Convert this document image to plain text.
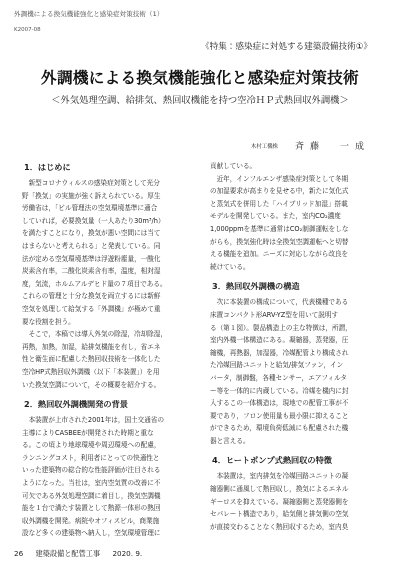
外調機による換気機能強化と感染症対策技術（1）
K2007-08
《特集：感染症に対処する建築設備技術①》
外調機による換気機能強化と感染症対策技術
＜外気処理空調、給排気、熱回収機能を持つ空冷ＨＰ式熱回収外調機＞
木村工機株 斉藤　一成
1．はじめに

　新型コロナウィルスの感染症対策として光分
野「換気」の実施が強く訴えられている。厚生
労働省は，「ビル管理法の空気環境基準に適合
していれば，必要換気量（一人あたり30m³/h）
を満たすことになり，換気が悪い空間には当て
はまらないと考えられる」と発表している。同
法が定める空気環境基準は浮遊粉塵量，一酸化
炭素含有率，二酸化炭素含有率，温度，相対湿
度，気流，ホルムアルデヒド量の７項目である。
これらの管理と十分な換気を両立するには新鮮
空気を処理して給気する「外調機」が極めて重
要な役割を担う。

　そこで，本稿では導入外気の除湿，冷却除湿，
再熱，加熱，加湿，給排気機能を有し，省エネ
性と衛生面に配慮した熱回収技術を一体化した
空冷HP式熱回収外調機（以下「本装置」）を用
いた換気空調について，その概要を紹介する。

2．熱回収外調機開発の背景

　本装置が上市された2001年は，国土交通省の
主導によりCASBEEが開発された時期と重な
る。この頃より地球環境や周辺環境への配慮，
ランニングコスト，利用者にとっての快適性と
いった建築物の総合的な性能評価が注目される
ようになった。当社は，室内空気質の改善に不
可欠である外気処理空調に着目し，換気空調機
能を１台で満たす装置として熱源一体形の熱回
収外調機を開発。病院やオフィスビル，商業施
設など多くの建築物へ納入し，空気環境管理に

貢献している。

　近年，インフルエンザ感染症対策として冬期
の加湿要求が高まりを見せる中，新たに気化式
と蒸気式を併用した「ハイブリッド加湿」搭載
モデルを開発している。また，室内CO₂濃度
1,000ppmを基準に通常はCO₂制御運転をしな
がらも，換気強化時は全換気空調運転へと切替
える機能を追加。ニーズに対応しながら改良を
続けている。

3．熱回収外調機の構造

　次に本装置の構成について，代表機種である
床置コンパクト形ARV-YZ型を用いて説明す
る（第１図）。製品構造上の主な特徴は，所謂，
室内外機一体構造にある。凝縮器，蒸発器，圧
縮機，再熱器，加湿器，冷媒配管より構成され
た冷媒回路ユニットと給気/排気ファン，イン
バータ，制御盤，各種センサー，エアフィルタ
ー等を一体的に内蔵している。冷媒を機内に封
入するこの一体構造は，現地での配管工事が不
要であり，フロン使用量も最小限に抑えること
ができるため，環境負荷低減にも配慮された機
器と言える。

4．ヒートポンプ式熱回収の特徴

　本装置は，室内排気を冷媒回路ユニットの凝
縮器側に通風して熱回収し，換気によるエネル
ギーロスを抑えている。凝縮器側と蒸発器側を
セパレート構造であり，給気側と排気側の空気
が直接交わることなく熱回収するため，室内臭

26 建築設備と配管工事 2020. 9.
